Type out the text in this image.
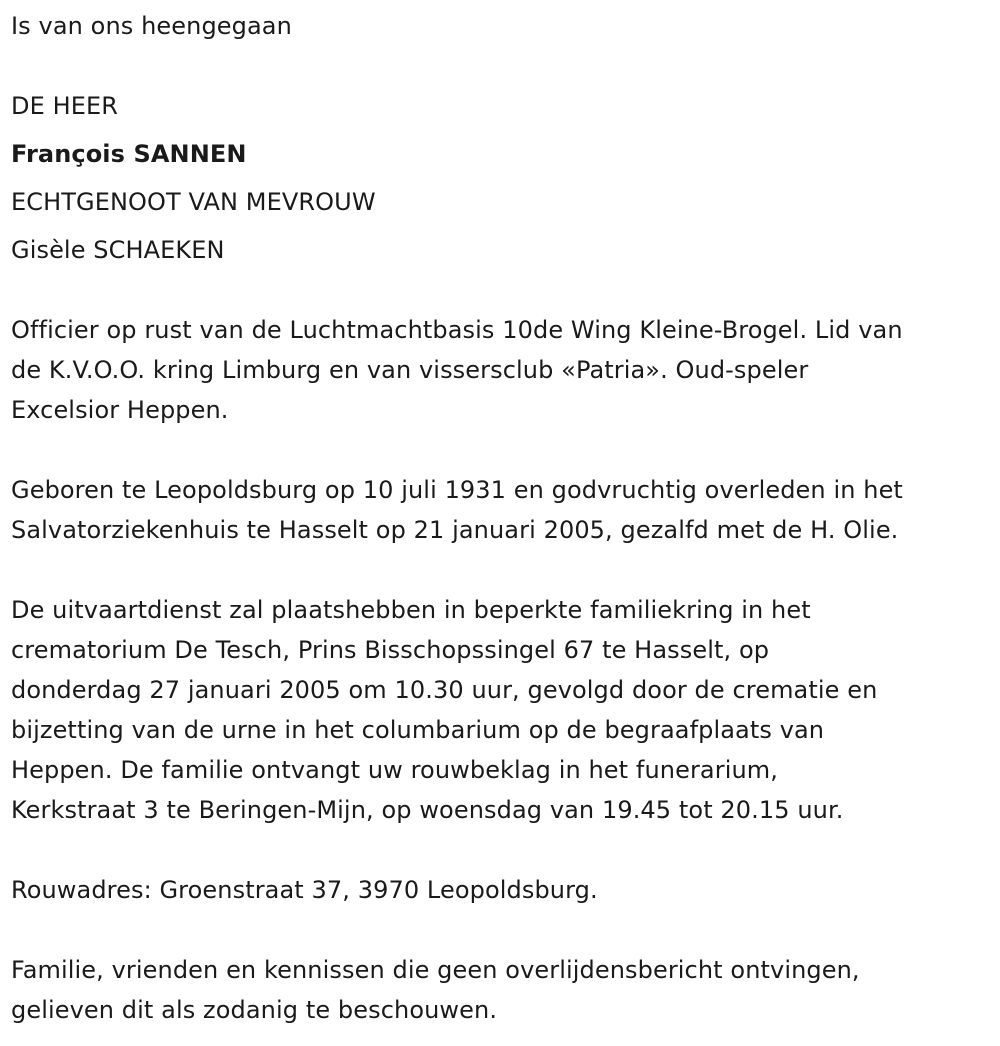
Is van ons heengegaan

DE HEER

François SANNEN

ECHTGENOOT VAN MEVROUW

Gisèle SCHAEKEN

Officier op rust van de Luchtmachtbasis 10de Wing Kleine-Brogel. Lid van

de K.V.O.O. kring Limburg en van vissersclub «Patria». Oud-speler

Excelsior Heppen.

Geboren te Leopoldsburg op 10 juli 1931 en godvruchtig overleden in het

Salvatorziekenhuis te Hasselt op 21 januari 2005, gezalfd met de H. Olie.

De uitvaartdienst zal plaatshebben in beperkte familiekring in het

crematorium De Tesch, Prins Bisschopssingel 67 te Hasselt, op

donderdag 27 januari 2005 om 10.30 uur, gevolgd door de crematie en

bijzetting van de urne in het columbarium op de begraafplaats van

Heppen. De familie ontvangt uw rouwbeklag in het funerarium,

Kerkstraat 3 te Beringen-Mijn, op woensdag van 19.45 tot 20.15 uur.

Rouwadres: Groenstraat 37, 3970 Leopoldsburg.

Familie, vrienden en kennissen die geen overlijdensbericht ontvingen,

gelieven dit als zodanig te beschouwen.
